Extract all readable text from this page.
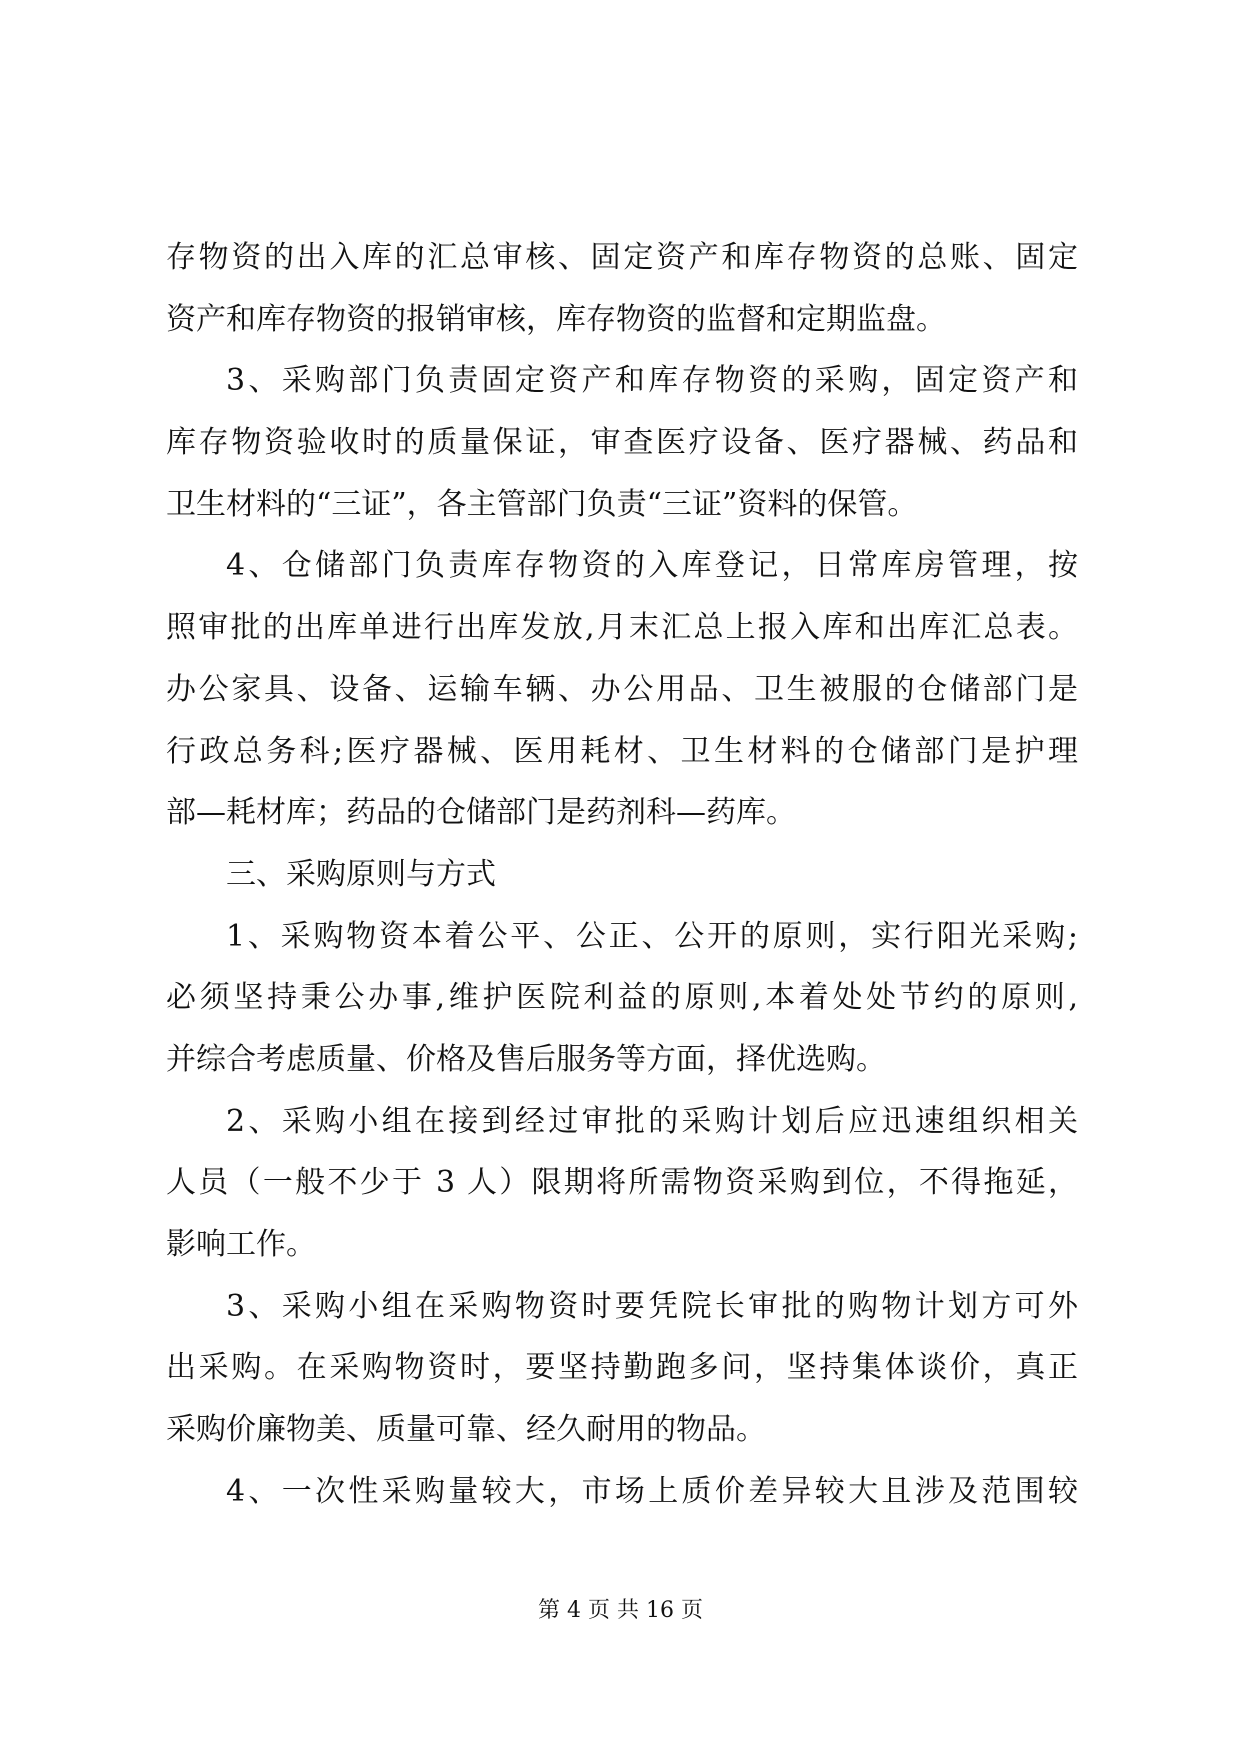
存物资的出入库的汇总审核、固定资产和库存物资的总账、固定
资产和库存物资的报销审核，库存物资的监督和定期监盘。
3、采购部门负责固定资产和库存物资的采购，固定资产和
库存物资验收时的质量保证，审查医疗设备、医疗器械、药品和
卫生材料的“三证”，各主管部门负责“三证”资料的保管。
4、仓储部门负责库存物资的入库登记，日常库房管理，按
照审批的出库单进行出库发放,月末汇总上报入库和出库汇总表。
办公家具、设备、运输车辆、办公用品、卫生被服的仓储部门是
行政总务科;医疗器械、医用耗材、卫生材料的仓储部门是护理
部—耗材库；药品的仓储部门是药剂科—药库。
三、采购原则与方式
1、采购物资本着公平、公正、公开的原则，实行阳光采购;
必须坚持秉公办事,维护医院利益的原则,本着处处节约的原则,
并综合考虑质量、价格及售后服务等方面，择优选购。
2、采购小组在接到经过审批的采购计划后应迅速组织相关
人员（一般不少于 3 人）限期将所需物资采购到位，不得拖延，
影响工作。
3、采购小组在采购物资时要凭院长审批的购物计划方可外
出采购。在采购物资时，要坚持勤跑多问，坚持集体谈价，真正
采购价廉物美、质量可靠、经久耐用的物品。
4、一次性采购量较大，市场上质价差异较大且涉及范围较
第 4 页 共 16 页
